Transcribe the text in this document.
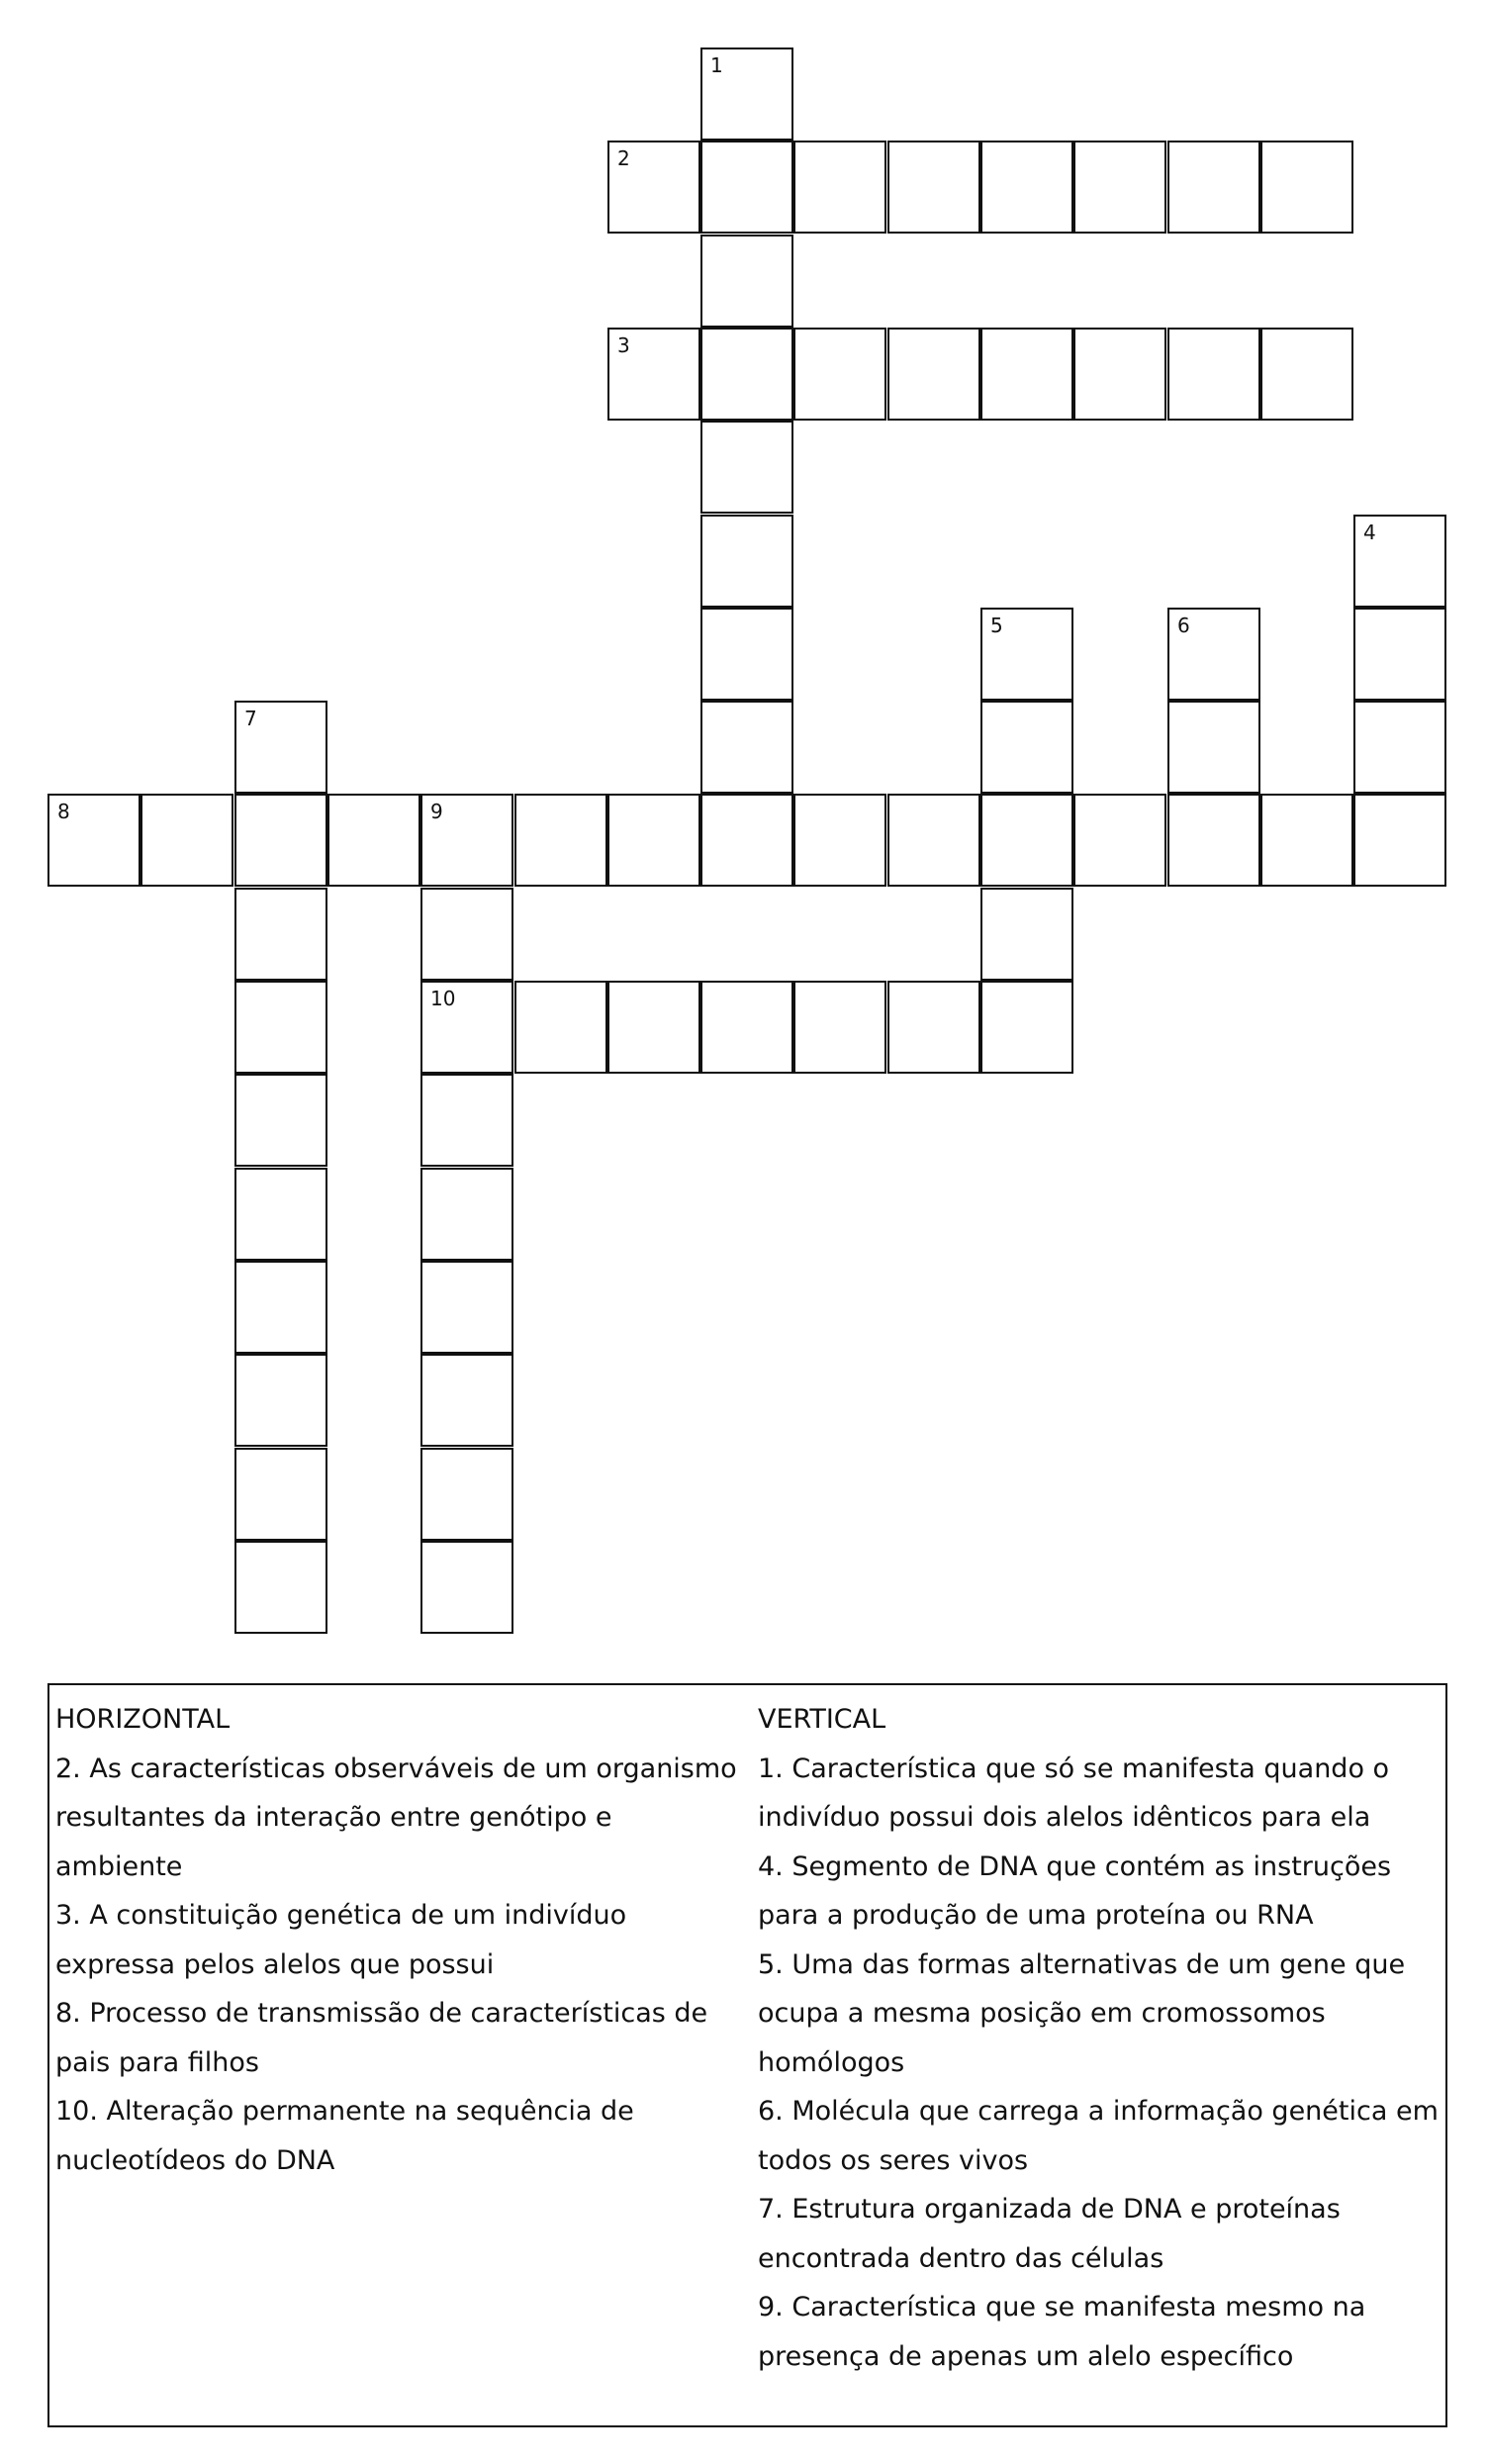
1
2
3
4
5	6
7
8	9
10
HORIZONTAL
2. As características observáveis de um organismo
resultantes da interação entre genótipo e
ambiente
3. A constituição genética de um indivíduo
expressa pelos alelos que possui
8. Processo de transmissão de características de
pais para filhos
10. Alteração permanente na sequência de
nucleotídeos do DNA
VERTICAL
1. Característica que só se manifesta quando o
indivíduo possui dois alelos idênticos para ela
4. Segmento de DNA que contém as instruções
para a produção de uma proteína ou RNA
5. Uma das formas alternativas de um gene que
ocupa a mesma posição em cromossomos
homólogos
6. Molécula que carrega a informação genética em
todos os seres vivos
7. Estrutura organizada de DNA e proteínas
encontrada dentro das células
9. Característica que se manifesta mesmo na
presença de apenas um alelo específico
